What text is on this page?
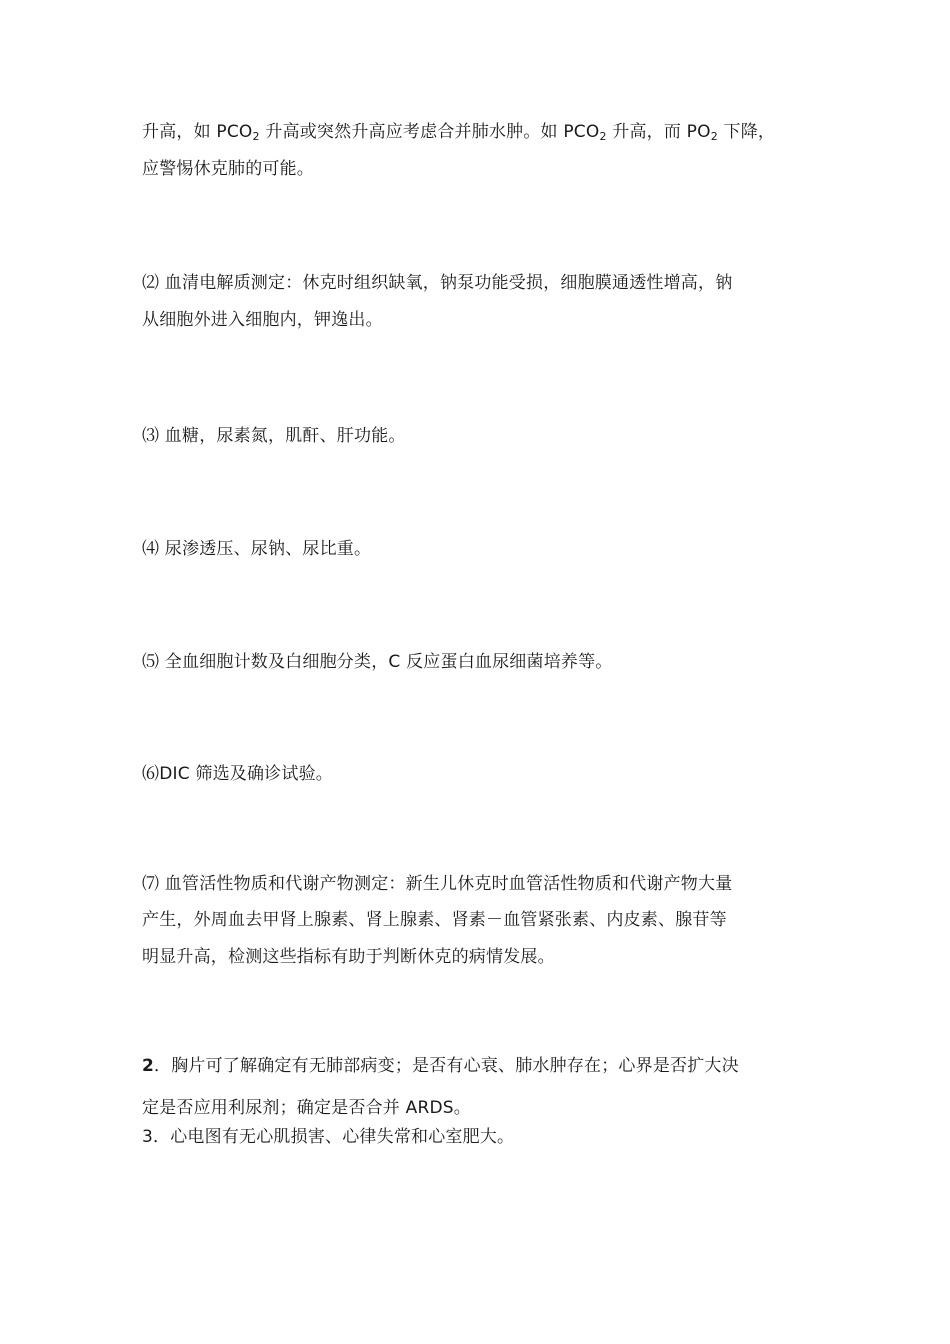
升高，如 $PCO_2$ 升高或突然升高应考虑合并肺水肿。如 $PCO_2$ 升高，而 $PO_2$ 下降，
应警惕休克肺的可能。
⑵ 血清电解质测定：休克时组织缺氧，钠泵功能受损，细胞膜通透性增高，钠
从细胞外进入细胞内，钾逸出。
⑶ 血糖，尿素氮，肌酐、肝功能。
⑷ 尿渗透压、尿钠、尿比重。
⑸ 全血细胞计数及白细胞分类，C 反应蛋白血尿细菌培养等。
⑹DIC 筛选及确诊试验。
⑺ 血管活性物质和代谢产物测定：新生儿休克时血管活性物质和代谢产物大量
产生，外周血去甲肾上腺素、肾上腺素、肾素－血管紧张素、内皮素、腺苷等
明显升高，检测这些指标有助于判断休克的病情发展。
2．胸片可了解确定有无肺部病变；是否有心衰、肺水肿存在；心界是否扩大决
定是否应用利尿剂；确定是否合并 ARDS。
3．心电图有无心肌损害、心律失常和心室肥大。
